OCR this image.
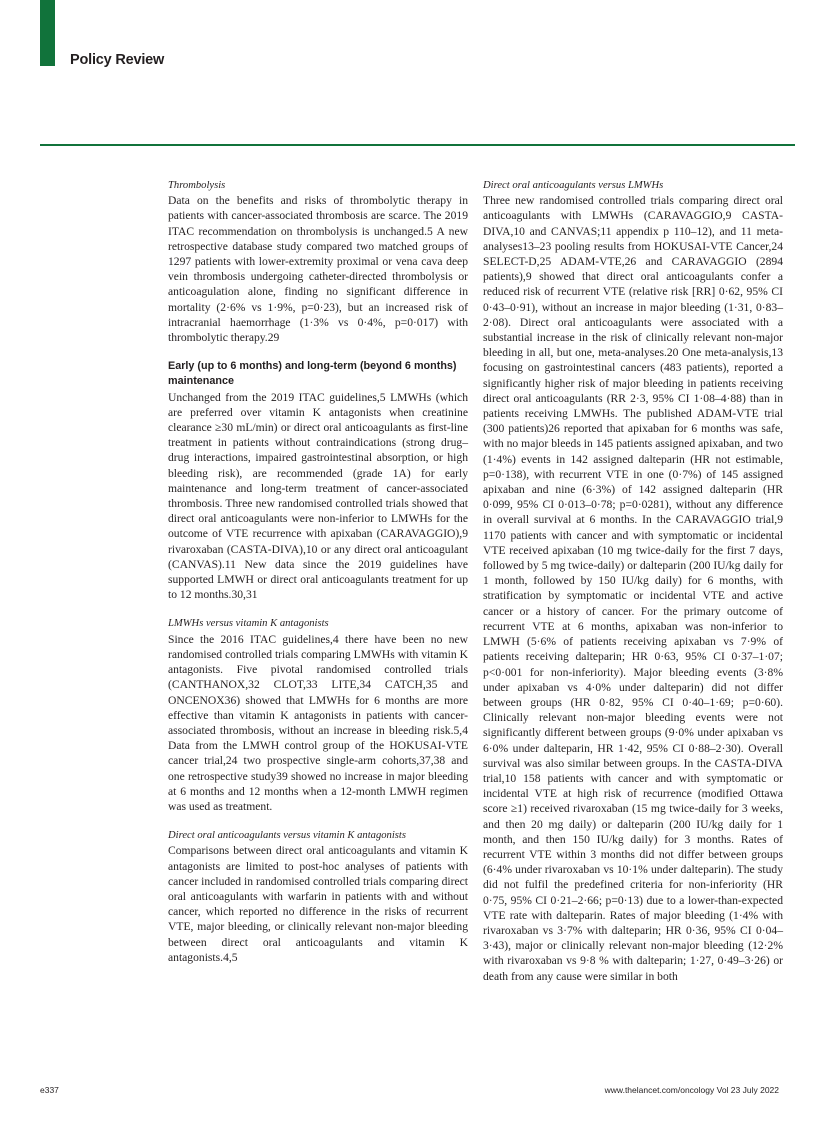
Policy Review

Thrombolysis

Data on the benefits and risks of thrombolytic therapy in patients with cancer-associated thrombosis are scarce. The 2019 ITAC recommendation on thrombolysis is unchanged.5 A new retrospective database study compared two matched groups of 1297 patients with lower-extremity proximal or vena cava deep vein thrombosis undergoing catheter-directed thrombolysis or anticoagulation alone, finding no significant difference in mortality (2·6% vs 1·9%, p=0·23), but an increased risk of intracranial haemorrhage (1·3% vs 0·4%, p=0·017) with thrombolytic therapy.29

Early (up to 6 months) and long-term (beyond 6 months) maintenance

Unchanged from the 2019 ITAC guidelines,5 LMWHs (which are preferred over vitamin K antagonists when creatinine clearance ≥30 mL/min) or direct oral anticoagulants as first-line treatment in patients without contraindications (strong drug–drug interactions, impaired gastrointestinal absorption, or high bleeding risk), are recommended (grade 1A) for early maintenance and long-term treatment of cancer-associated thrombosis. Three new randomised controlled trials showed that direct oral anticoagulants were non-inferior to LMWHs for the outcome of VTE recurrence with apixaban (CARAVAGGIO),9 rivaroxaban (CASTA-DIVA),10 or any direct oral anticoagulant (CANVAS).11 New data since the 2019 guidelines have supported LMWH or direct oral anticoagulants treatment for up to 12 months.30,31

LMWHs versus vitamin K antagonists

Since the 2016 ITAC guidelines,4 there have been no new randomised controlled trials comparing LMWHs with vitamin K antagonists. Five pivotal randomised controlled trials (CANTHANOX,32 CLOT,33 LITE,34 CATCH,35 and ONCENOX36) showed that LMWHs for 6 months are more effective than vitamin K antagonists in patients with cancer-associated thrombosis, without an increase in bleeding risk.5,4 Data from the LMWH control group of the HOKUSAI-VTE cancer trial,24 two prospective single-arm cohorts,37,38 and one retrospective study39 showed no increase in major bleeding at 6 months and 12 months when a 12-month LMWH regimen was used as treatment.

Direct oral anticoagulants versus vitamin K antagonists

Comparisons between direct oral anticoagulants and vitamin K antagonists are limited to post-hoc analyses of patients with cancer included in randomised controlled trials comparing direct oral anticoagulants with warfarin in patients with and without cancer, which reported no difference in the risks of recurrent VTE, major bleeding, or clinically relevant non-major bleeding between direct oral anticoagulants and vitamin K antagonists.4,5

Direct oral anticoagulants versus LMWHs

Three new randomised controlled trials comparing direct oral anticoagulants with LMWHs (CARAVAGGIO,9 CASTA-DIVA,10 and CANVAS;11 appendix p 110–12), and 11 meta-analyses13–23 pooling results from HOKUSAI-VTE Cancer,24 SELECT-D,25 ADAM-VTE,26 and CARAVAGGIO (2894 patients),9 showed that direct oral anticoagulants confer a reduced risk of recurrent VTE (relative risk [RR] 0·62, 95% CI 0·43–0·91), without an increase in major bleeding (1·31, 0·83–2·08). Direct oral anticoagulants were associated with a substantial increase in the risk of clinically relevant non-major bleeding in all, but one, meta-analyses.20 One meta-analysis,13 focusing on gastrointestinal cancers (483 patients), reported a significantly higher risk of major bleeding in patients receiving direct oral anticoagulants (RR 2·3, 95% CI 1·08–4·88) than in patients receiving LMWHs. The published ADAM-VTE trial (300 patients)26 reported that apixaban for 6 months was safe, with no major bleeds in 145 patients assigned apixaban, and two (1·4%) events in 142 assigned dalteparin (HR not estimable, p=0·138), with recurrent VTE in one (0·7%) of 145 assigned apixaban and nine (6·3%) of 142 assigned dalteparin (HR 0·099, 95% CI 0·013–0·78; p=0·0281), without any difference in overall survival at 6 months. In the CARAVAGGIO trial,9 1170 patients with cancer and with symptomatic or incidental VTE received apixaban (10 mg twice-daily for the first 7 days, followed by 5 mg twice-daily) or dalteparin (200 IU/kg daily for 1 month, followed by 150 IU/kg daily) for 6 months, with stratification by symptomatic or incidental VTE and active cancer or a history of cancer. For the primary outcome of recurrent VTE at 6 months, apixaban was non-inferior to LMWH (5·6% of patients receiving apixaban vs 7·9% of patients receiving dalteparin; HR 0·63, 95% CI 0·37–1·07; p<0·001 for non-inferiority). Major bleeding events (3·8% under apixaban vs 4·0% under dalteparin) did not differ between groups (HR 0·82, 95% CI 0·40–1·69; p=0·60). Clinically relevant non-major bleeding events were not significantly different between groups (9·0% under apixaban vs 6·0% under dalteparin, HR 1·42, 95% CI 0·88–2·30). Overall survival was also similar between groups. In the CASTA-DIVA trial,10 158 patients with cancer and with symptomatic or incidental VTE at high risk of recurrence (modified Ottawa score ≥1) received rivaroxaban (15 mg twice-daily for 3 weeks, and then 20 mg daily) or dalteparin (200 IU/kg daily for 1 month, and then 150 IU/kg daily) for 3 months. Rates of recurrent VTE within 3 months did not differ between groups (6·4% under rivaroxaban vs 10·1% under dalteparin). The study did not fulfil the predefined criteria for non-inferiority (HR 0·75, 95% CI 0·21–2·66; p=0·13) due to a lower-than-expected VTE rate with dalteparin. Rates of major bleeding (1·4% with rivaroxaban vs 3·7% with dalteparin; HR 0·36, 95% CI 0·04–3·43), major or clinically relevant non-major bleeding (12·2% with rivaroxaban vs 9·8 % with dalteparin; 1·27, 0·49–3·26) or death from any cause were similar in both

e337	www.thelancet.com/oncology Vol 23 July 2022
